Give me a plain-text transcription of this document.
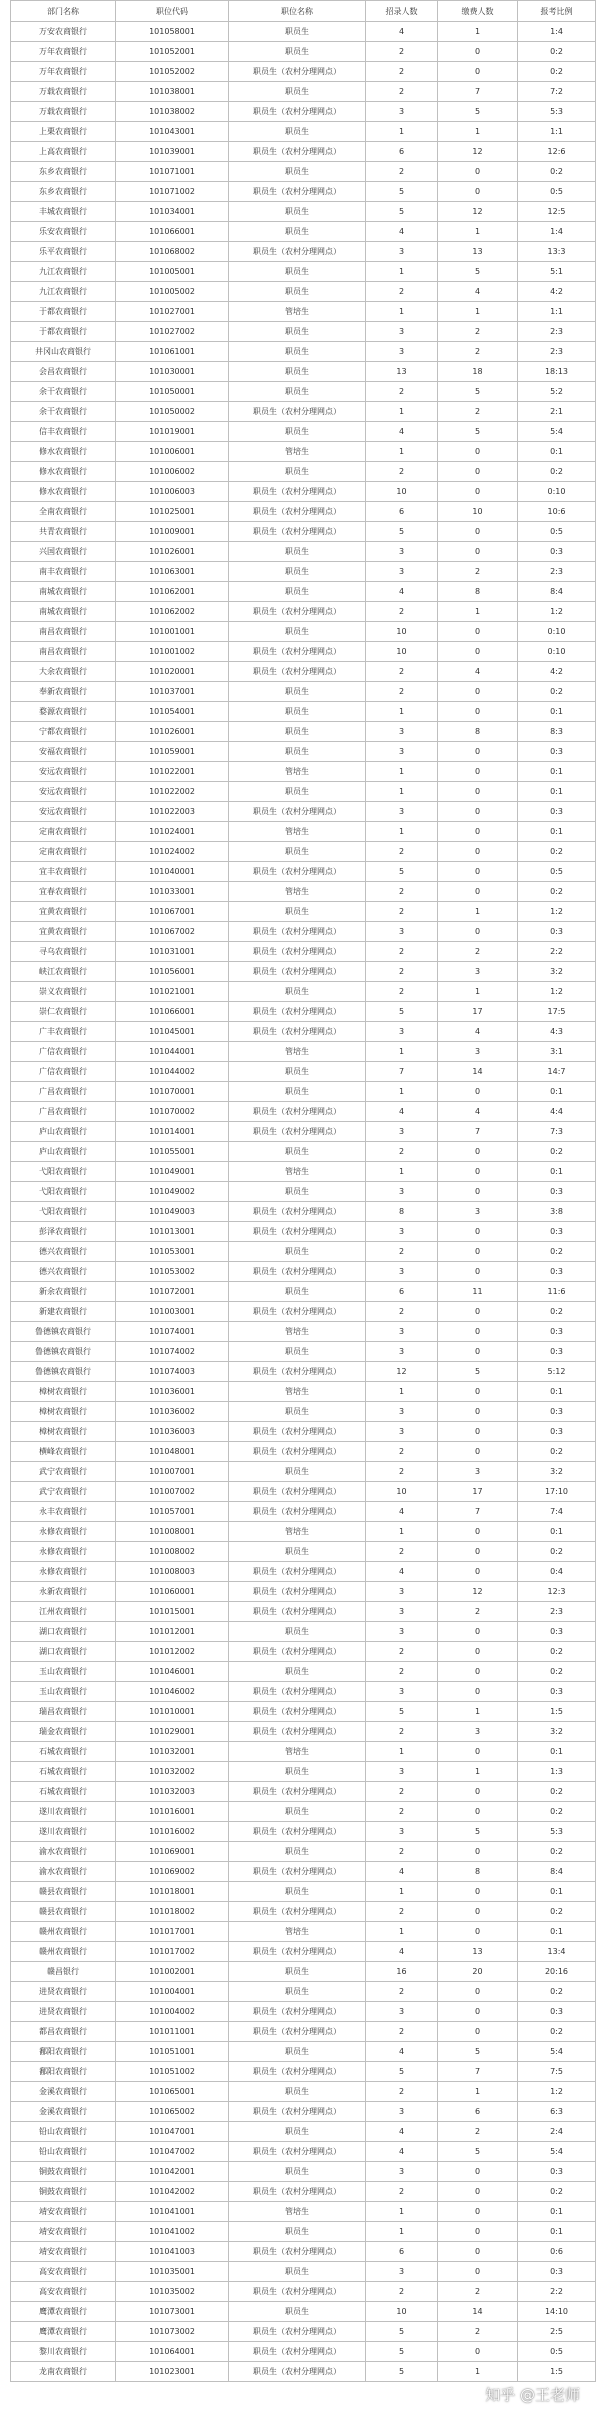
部门名称	职位代码	职位名称	招录人数	缴费人数	报考比例
万安农商银行	101058001	职员生	4	1	1:4
万年农商银行	101052001	职员生	2	0	0:2
万年农商银行	101052002	职员生（农村分理网点）	2	0	0:2
万载农商银行	101038001	职员生	2	7	7:2
万载农商银行	101038002	职员生（农村分理网点）	3	5	5:3
上栗农商银行	101043001	职员生	1	1	1:1
上高农商银行	101039001	职员生（农村分理网点）	6	12	12:6
东乡农商银行	101071001	职员生	2	0	0:2
东乡农商银行	101071002	职员生（农村分理网点）	5	0	0:5
丰城农商银行	101034001	职员生	5	12	12:5
乐安农商银行	101066001	职员生	4	1	1:4
乐平农商银行	101068002	职员生（农村分理网点）	3	13	13:3
九江农商银行	101005001	职员生	1	5	5:1
九江农商银行	101005002	职员生	2	4	4:2
于都农商银行	101027001	管培生	1	1	1:1
于都农商银行	101027002	职员生	3	2	2:3
井冈山农商银行	101061001	职员生	3	2	2:3
会昌农商银行	101030001	职员生	13	18	18:13
余干农商银行	101050001	职员生	2	5	5:2
余干农商银行	101050002	职员生（农村分理网点）	1	2	2:1
信丰农商银行	101019001	职员生	4	5	5:4
修水农商银行	101006001	管培生	1	0	0:1
修水农商银行	101006002	职员生	2	0	0:2
修水农商银行	101006003	职员生（农村分理网点）	10	0	0:10
全南农商银行	101025001	职员生（农村分理网点）	6	10	10:6
共青农商银行	101009001	职员生（农村分理网点）	5	0	0:5
兴国农商银行	101026001	职员生	3	0	0:3
南丰农商银行	101063001	职员生	3	2	2:3
南城农商银行	101062001	职员生	4	8	8:4
南城农商银行	101062002	职员生（农村分理网点）	2	1	1:2
南昌农商银行	101001001	职员生	10	0	0:10
南昌农商银行	101001002	职员生（农村分理网点）	10	0	0:10
大余农商银行	101020001	职员生（农村分理网点）	2	4	4:2
奉新农商银行	101037001	职员生	2	0	0:2
婺源农商银行	101054001	职员生	1	0	0:1
宁都农商银行	101026001	职员生	3	8	8:3
安福农商银行	101059001	职员生	3	0	0:3
安远农商银行	101022001	管培生	1	0	0:1
安远农商银行	101022002	职员生	1	0	0:1
安远农商银行	101022003	职员生（农村分理网点）	3	0	0:3
定南农商银行	101024001	管培生	1	0	0:1
定南农商银行	101024002	职员生	2	0	0:2
宜丰农商银行	101040001	职员生（农村分理网点）	5	0	0:5
宜春农商银行	101033001	管培生	2	0	0:2
宜黄农商银行	101067001	职员生	2	1	1:2
宜黄农商银行	101067002	职员生（农村分理网点）	3	0	0:3
寻乌农商银行	101031001	职员生（农村分理网点）	2	2	2:2
峡江农商银行	101056001	职员生（农村分理网点）	2	3	3:2
崇义农商银行	101021001	职员生	2	1	1:2
崇仁农商银行	101066001	职员生（农村分理网点）	5	17	17:5
广丰农商银行	101045001	职员生（农村分理网点）	3	4	4:3
广信农商银行	101044001	管培生	1	3	3:1
广信农商银行	101044002	职员生	7	14	14:7
广昌农商银行	101070001	职员生	1	0	0:1
广昌农商银行	101070002	职员生（农村分理网点）	4	4	4:4
庐山农商银行	101014001	职员生（农村分理网点）	3	7	7:3
庐山农商银行	101055001	职员生	2	0	0:2
弋阳农商银行	101049001	管培生	1	0	0:1
弋阳农商银行	101049002	职员生	3	0	0:3
弋阳农商银行	101049003	职员生（农村分理网点）	8	3	3:8
彭泽农商银行	101013001	职员生（农村分理网点）	3	0	0:3
德兴农商银行	101053001	职员生	2	0	0:2
德兴农商银行	101053002	职员生（农村分理网点）	3	0	0:3
新余农商银行	101072001	职员生	6	11	11:6
新建农商银行	101003001	职员生（农村分理网点）	2	0	0:2
鲁德镇农商银行	101074001	管培生	3	0	0:3
鲁德镇农商银行	101074002	职员生	3	0	0:3
鲁德镇农商银行	101074003	职员生（农村分理网点）	12	5	5:12
樟树农商银行	101036001	管培生	1	0	0:1
樟树农商银行	101036002	职员生	3	0	0:3
樟树农商银行	101036003	职员生（农村分理网点）	3	0	0:3
横峰农商银行	101048001	职员生（农村分理网点）	2	0	0:2
武宁农商银行	101007001	职员生	2	3	3:2
武宁农商银行	101007002	职员生（农村分理网点）	10	17	17:10
永丰农商银行	101057001	职员生（农村分理网点）	4	7	7:4
永修农商银行	101008001	管培生	1	0	0:1
永修农商银行	101008002	职员生	2	0	0:2
永修农商银行	101008003	职员生（农村分理网点）	4	0	0:4
永新农商银行	101060001	职员生（农村分理网点）	3	12	12:3
江州农商银行	101015001	职员生（农村分理网点）	3	2	2:3
湖口农商银行	101012001	职员生	3	0	0:3
湖口农商银行	101012002	职员生（农村分理网点）	2	0	0:2
玉山农商银行	101046001	职员生	2	0	0:2
玉山农商银行	101046002	职员生（农村分理网点）	3	0	0:3
瑞昌农商银行	101010001	职员生（农村分理网点）	5	1	1:5
瑞金农商银行	101029001	职员生（农村分理网点）	2	3	3:2
石城农商银行	101032001	管培生	1	0	0:1
石城农商银行	101032002	职员生	3	1	1:3
石城农商银行	101032003	职员生（农村分理网点）	2	0	0:2
遂川农商银行	101016001	职员生	2	0	0:2
遂川农商银行	101016002	职员生（农村分理网点）	3	5	5:3
渝水农商银行	101069001	职员生	2	0	0:2
渝水农商银行	101069002	职员生（农村分理网点）	4	8	8:4
赣县农商银行	101018001	职员生	1	0	0:1
赣县农商银行	101018002	职员生（农村分理网点）	2	0	0:2
赣州农商银行	101017001	管培生	1	0	0:1
赣州农商银行	101017002	职员生（农村分理网点）	4	13	13:4
赣昌银行	101002001	职员生	16	20	20:16
进贤农商银行	101004001	职员生	2	0	0:2
进贤农商银行	101004002	职员生（农村分理网点）	3	0	0:3
都昌农商银行	101011001	职员生（农村分理网点）	2	0	0:2
鄱阳农商银行	101051001	职员生	4	5	5:4
鄱阳农商银行	101051002	职员生（农村分理网点）	5	7	7:5
金溪农商银行	101065001	职员生	2	1	1:2
金溪农商银行	101065002	职员生（农村分理网点）	3	6	6:3
铅山农商银行	101047001	职员生	4	2	2:4
铅山农商银行	101047002	职员生（农村分理网点）	4	5	5:4
铜鼓农商银行	101042001	职员生	3	0	0:3
铜鼓农商银行	101042002	职员生（农村分理网点）	2	0	0:2
靖安农商银行	101041001	管培生	1	0	0:1
靖安农商银行	101041002	职员生	1	0	0:1
靖安农商银行	101041003	职员生（农村分理网点）	6	0	0:6
高安农商银行	101035001	职员生	3	0	0:3
高安农商银行	101035002	职员生（农村分理网点）	2	2	2:2
鹰潭农商银行	101073001	职员生	10	14	14:10
鹰潭农商银行	101073002	职员生（农村分理网点）	5	2	2:5
黎川农商银行	101064001	职员生（农村分理网点）	5	0	0:5
龙南农商银行	101023001	职员生（农村分理网点）	5	1	1:5
知乎 @王老师
